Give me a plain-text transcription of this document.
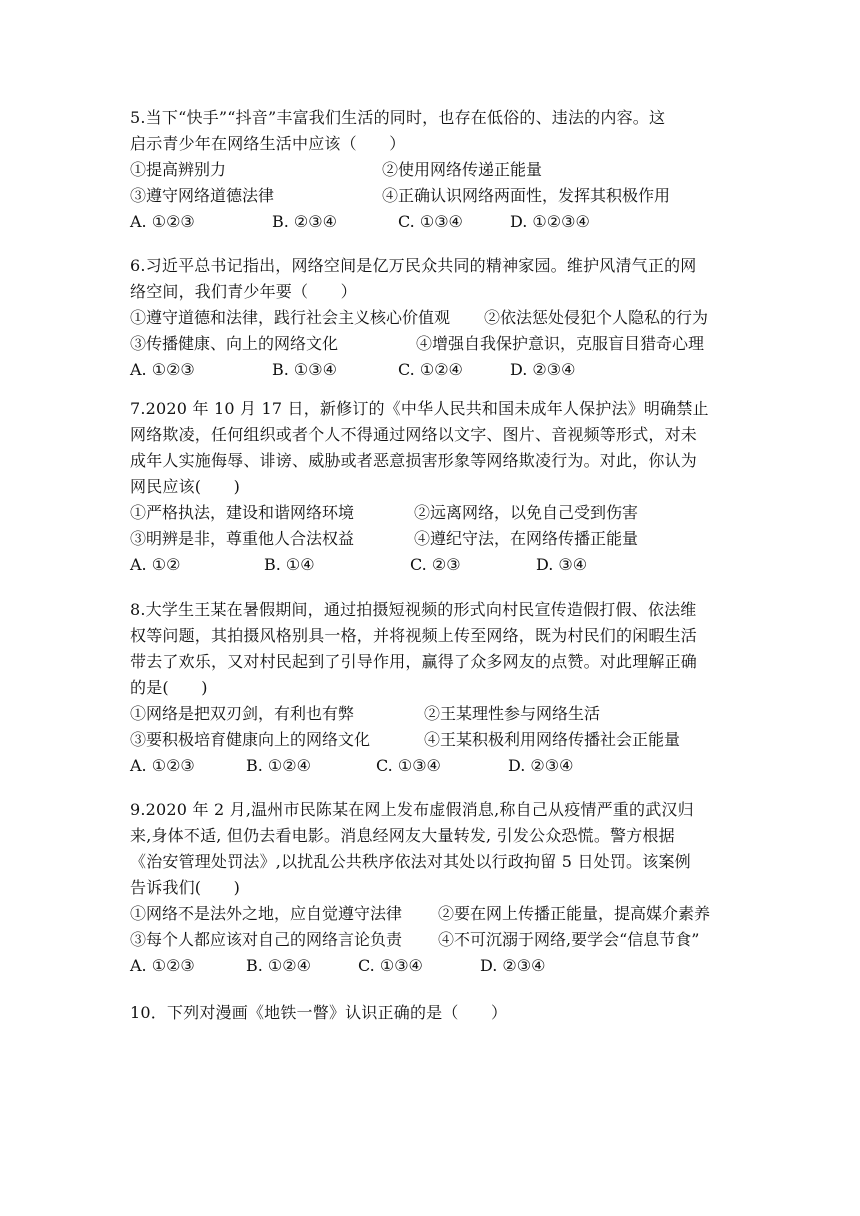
5.当下“快手”“抖音”丰富我们生活的同时，也存在低俗的、违法的内容。这
启示青少年在网络生活中应该（　　）
①提高辨别力	②使用网络传递正能量
③遵守网络道德法律	④正确认识网络两面性，发挥其积极作用
A. ①②③	B. ②③④	C. ①③④	D. ①②③④
6.习近平总书记指出，网络空间是亿万民众共同的精神家园。维护风清气正的网
络空间，我们青少年要（　　）
①遵守道德和法律，践行社会主义核心价值观	②依法惩处侵犯个人隐私的行为
③传播健康、向上的网络文化	④增强自我保护意识，克服盲目猎奇心理
A. ①②③	B. ①③④	C. ①②④	D. ②③④
7.2020 年 10 月 17 日，新修订的《中华人民共和国未成年人保护法》明确禁止
网络欺凌，任何组织或者个人不得通过网络以文字、图片、音视频等形式，对未
成年人实施侮辱、诽谤、威胁或者恶意损害形象等网络欺凌行为。对此，你认为
网民应该(　　)
①严格执法，建设和谐网络环境	②远离网络，以免自己受到伤害
③明辨是非，尊重他人合法权益	④遵纪守法，在网络传播正能量
A. ①②	B. ①④	C. ②③	D. ③④
8.大学生王某在暑假期间，通过拍摄短视频的形式向村民宣传造假打假、依法维
权等问题，其拍摄风格别具一格，并将视频上传至网络，既为村民们的闲暇生活
带去了欢乐，又对村民起到了引导作用，赢得了众多网友的点赞。对此理解正确
的是(　　)
①网络是把双刃剑，有利也有弊	②王某理性参与网络生活
③要积极培育健康向上的网络文化	④王某积极利用网络传播社会正能量
A. ①②③	B. ①②④	C. ①③④	D. ②③④
9.2020 年 2 月,温州市民陈某在网上发布虚假消息,称自己从疫情严重的武汉归
来,身体不适, 但仍去看电影。消息经网友大量转发, 引发公众恐慌。警方根据
《治安管理处罚法》,以扰乱公共秩序依法对其处以行政拘留 5 日处罚。该案例
告诉我们(　　)
①网络不是法外之地，应自觉遵守法律	②要在网上传播正能量，提高媒介素养
③每个人都应该对自己的网络言论负责	④不可沉溺于网络,要学会“信息节食”
A. ①②③	B. ①②④	C. ①③④	D. ②③④
10．下列对漫画《地铁一瞥》认识正确的是（　　）
